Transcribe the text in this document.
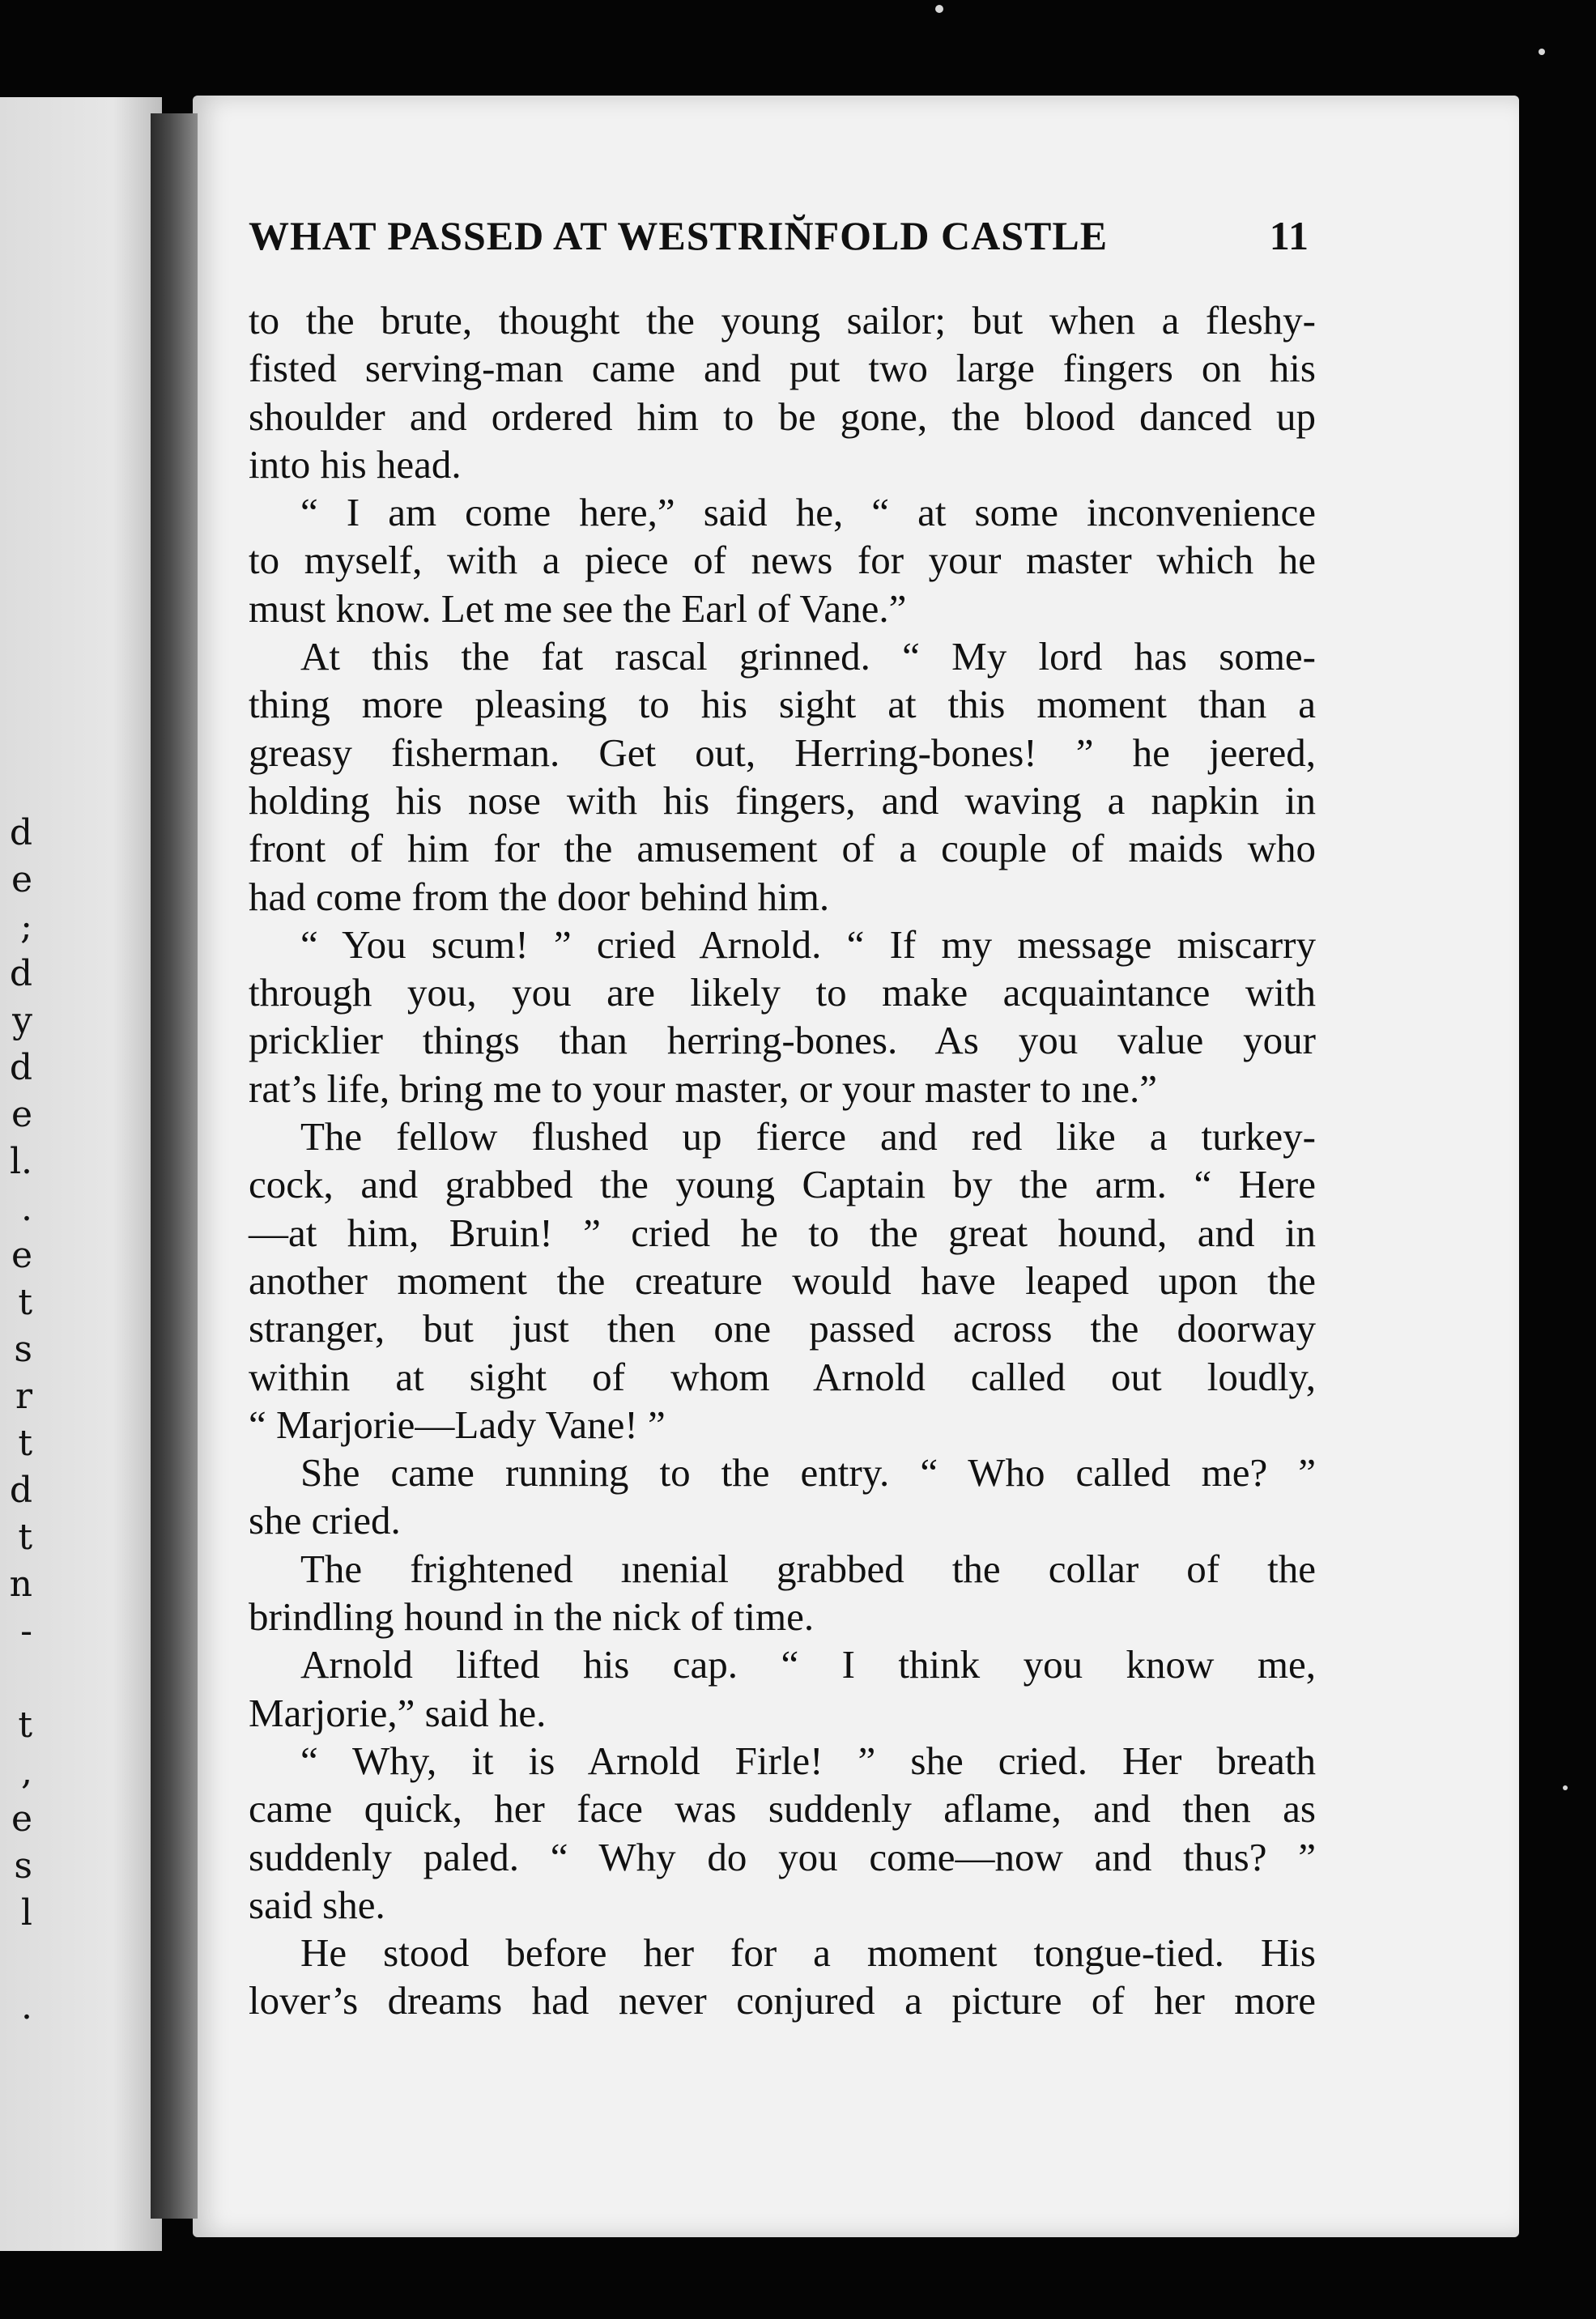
d
e
;
d
y
d
e
l.
.
e
t
s
r
t
d
t
n
-
t
,
e
s
l
.
WHAT PASSED AT WESTRIN̆FOLD CASTLE	11

to the brute, thought the young sailor; but when a fleshy-
fisted serving-man came and put two large fingers on his
shoulder and ordered him to be gone, the blood danced up
into his head.

“ I am come here,” said he, “ at some inconvenience
to myself, with a piece of news for your master which he
must know. Let me see the Earl of Vane.”

At this the fat rascal grinned. “ My lord has some-
thing more pleasing to his sight at this moment than a
greasy fisherman. Get out, Herring-bones! ” he jeered,
holding his nose with his fingers, and waving a napkin in
front of him for the amusement of a couple of maids who
had come from the door behind him.

“ You scum! ” cried Arnold. “ If my message miscarry
through you, you are likely to make acquaintance with
pricklier things than herring-bones. As you value your
rat’s life, bring me to your master, or your master to ıne.”

The fellow flushed up fierce and red like a turkey-
cock, and grabbed the young Captain by the arm. “ Here
—at him, Bruin! ” cried he to the great hound, and in
another moment the creature would have leaped upon the
stranger, but just then one passed across the doorway
within at sight of whom Arnold called out loudly,
“ Marjorie—Lady Vane! ”

She came running to the entry. “ Who called me? ”
she cried.

The frightened ınenial grabbed the collar of the
brindling hound in the nick of time.

Arnold lifted his cap. “ I think you know me,
Marjorie,” said he.

“ Why, it is Arnold Firle! ” she cried. Her breath
came quick, her face was suddenly aflame, and then as
suddenly paled. “ Why do you come—now and thus? ”
said she.

He stood before her for a moment tongue-tied. His
lover’s dreams had never conjured a picture of her more
